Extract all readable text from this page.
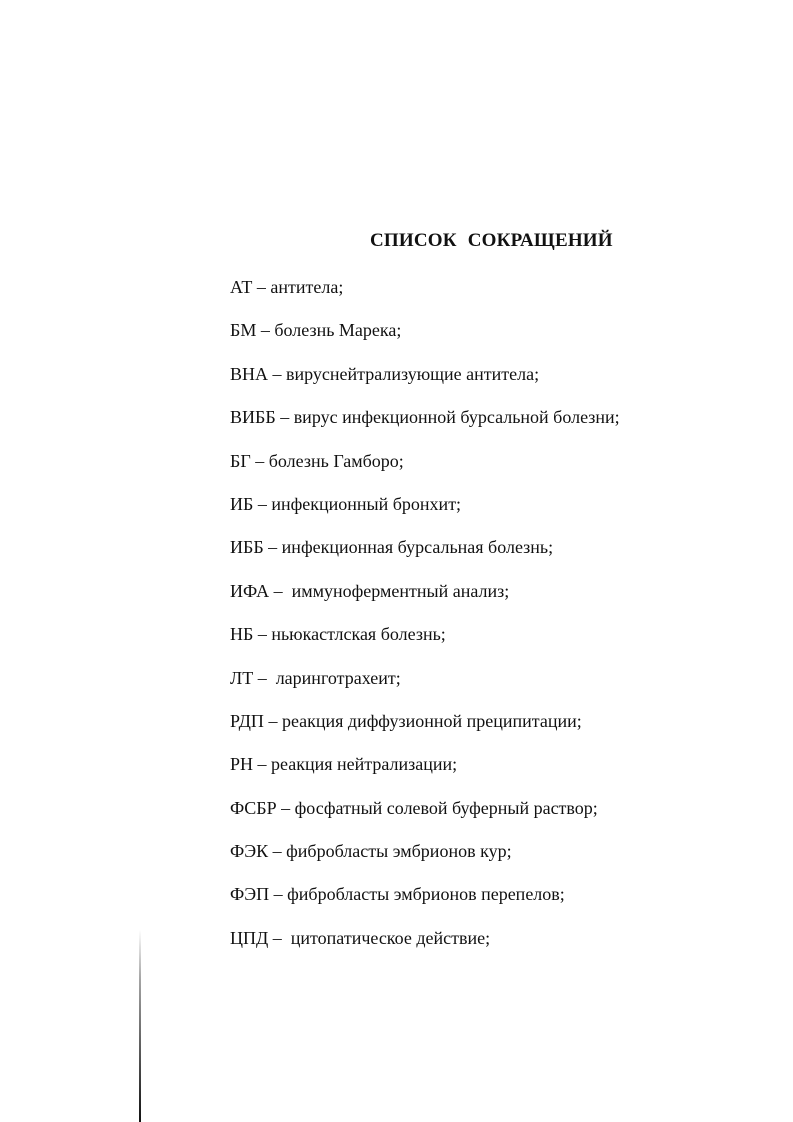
СПИСОК СОКРАЩЕНИЙ
АТ – антитела;
БМ – болезнь Марека;
ВНА – вируснейтрализующие антитела;
ВИББ – вирус инфекционной бурсальной болезни;
БГ – болезнь Гамборо;
ИБ – инфекционный бронхит;
ИББ – инфекционная бурсальная болезнь;
ИФА –  иммуноферментный анализ;
НБ – ньюкастлская болезнь;
ЛТ –  ларинготрахеит;
РДП – реакция диффузионной преципитации;
РН – реакция нейтрализации;
ФСБР – фосфатный солевой буферный раствор;
ФЭК – фибробласты эмбрионов кур;
ФЭП – фибробласты эмбрионов перепелов;
ЦПД –  цитопатическое действие;
